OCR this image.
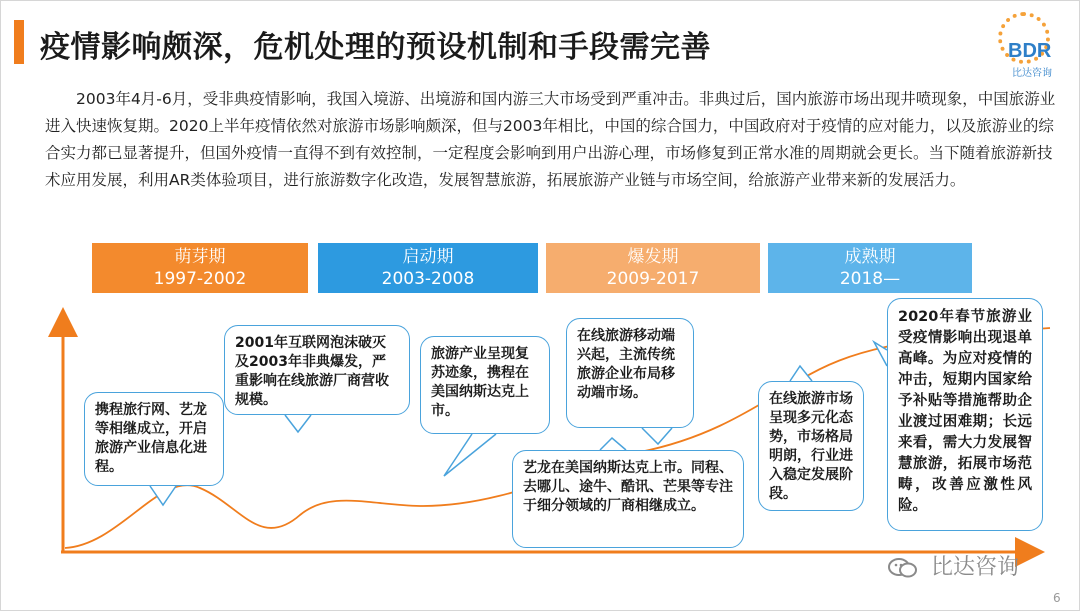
疫情影响颇深，危机处理的预设机制和手段需完善	BDR
比达咨询
2003年4月-6月，受非典疫情影响，我国入境游、出境游和国内游三大市场受到严重冲击。非典过后，国内旅游市场出现井喷现象，中国旅游业进入快速恢复期。2020上半年疫情依然对旅游市场影响颇深，但与2003年相比，中国的综合国力，中国政府对于疫情的应对能力，以及旅游业的综合实力都已显著提升，但国外疫情一直得不到有效控制，一定程度会影响到用户出游心理，市场修复到正常水准的周期就会更长。当下随着旅游新技术应用发展，利用AR类体验项目，进行旅游数字化改造，发展智慧旅游，拓展旅游产业链与市场空间，给旅游产业带来新的发展活力。
萌芽期
1997-2002
启动期
2003-2008
爆发期
2009-2017
成熟期
2018—
携程旅行网、艺龙等相继成立，开启旅游产业信息化进程。
2001年互联网泡沫破灭及2003年非典爆发，严重影响在线旅游厂商营收规模。
旅游产业呈现复苏迹象，携程在美国纳斯达克上市。
在线旅游移动端兴起，主流传统旅游企业布局移动端市场。
艺龙在美国纳斯达克上市。同程、去哪儿、途牛、酷讯、芒果等专注于细分领域的厂商相继成立。
在线旅游市场呈现多元化态势，市场格局明朗，行业进入稳定发展阶段。
2020年春节旅游业受疫情影响出现退单高峰。为应对疫情的冲击，短期内国家给予补贴等措施帮助企业渡过困难期；长远来看，需大力发展智慧旅游，拓展市场范畴，改善应激性风险。
比达咨询
6
